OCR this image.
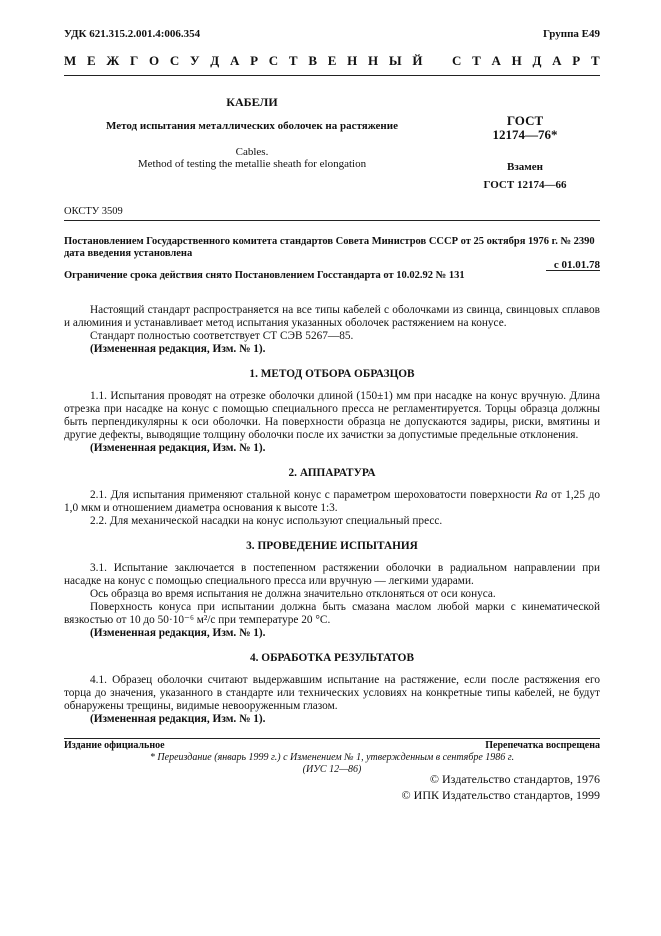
УДК 621.315.2.001.4:006.354	Группа Е49
М Е Ж Г О С У Д А Р С Т В Е Н Н Ы Й С Т А Н Д А Р Т
КАБЕЛИ
Метод испытания металлических оболочек на растяжение
Cables.
Method of testing the metallie sheath for elongation
ГОСТ
12174—76*
Взамен
ГОСТ 12174—66
ОКСТУ 3509
Постановлением Государственного комитета стандартов Совета Министров СССР от 25 октября 1976 г. № 2390 дата введения установлена
с 01.01.78
Ограничение срока действия снято Постановлением Госстандарта от 10.02.92 № 131

Настоящий стандарт распространяется на все типы кабелей с оболочками из свинца, свинцовых сплавов и алюминия и устанавливает метод испытания указанных оболочек растяжением на конусе.

Стандарт полностью соответствует СТ СЭВ 5267—85.

(Измененная редакция, Изм. № 1).

1. МЕТОД ОТБОРА ОБРАЗЦОВ

1.1. Испытания проводят на отрезке оболочки длиной (150±1) мм при насадке на конус вручную. Длина отрезка при насадке на конус с помощью специального пресса не регламентируется. Торцы образца должны быть перпендикулярны к оси оболочки. На поверхности образца не допускаются задиры, риски, вмятины и другие дефекты, выводящие толщину оболочки после их зачистки за допустимые предельные отклонения.

(Измененная редакция, Изм. № 1).

2. АППАРАТУРА

2.1. Для испытания применяют стальной конус с параметром шероховатости поверхности Ra от 1,25 до 1,0 мкм и отношением диаметра основания к высоте 1:3.

2.2. Для механической насадки на конус используют специальный пресс.

3. ПРОВЕДЕНИЕ ИСПЫТАНИЯ

3.1. Испытание заключается в постепенном растяжении оболочки в радиальном направлении при насадке на конус с помощью специального пресса или вручную — легкими ударами.

Ось образца во время испытания не должна значительно отклоняться от оси конуса.

Поверхность конуса при испытании должна быть смазана маслом любой марки с кинематической вязкостью от 10 до 50·10⁻⁶ м²/с при температуре 20 °С.

(Измененная редакция, Изм. № 1).

4. ОБРАБОТКА РЕЗУЛЬТАТОВ

4.1. Образец оболочки считают выдержавшим испытание на растяжение, если после растяжения его торца до значения, указанного в стандарте или технических условиях на конкретные типы кабелей, не будут обнаружены трещины, видимые невооруженным глазом.

(Измененная редакция, Изм. № 1).

Издание официальное	Перепечатка воспрещена
* Переиздание (январь 1999 г.) с Изменением № 1, утвержденным в сентябре 1986 г.
(ИУС 12—86)
© Издательство стандартов, 1976
© ИПК Издательство стандартов, 1999
